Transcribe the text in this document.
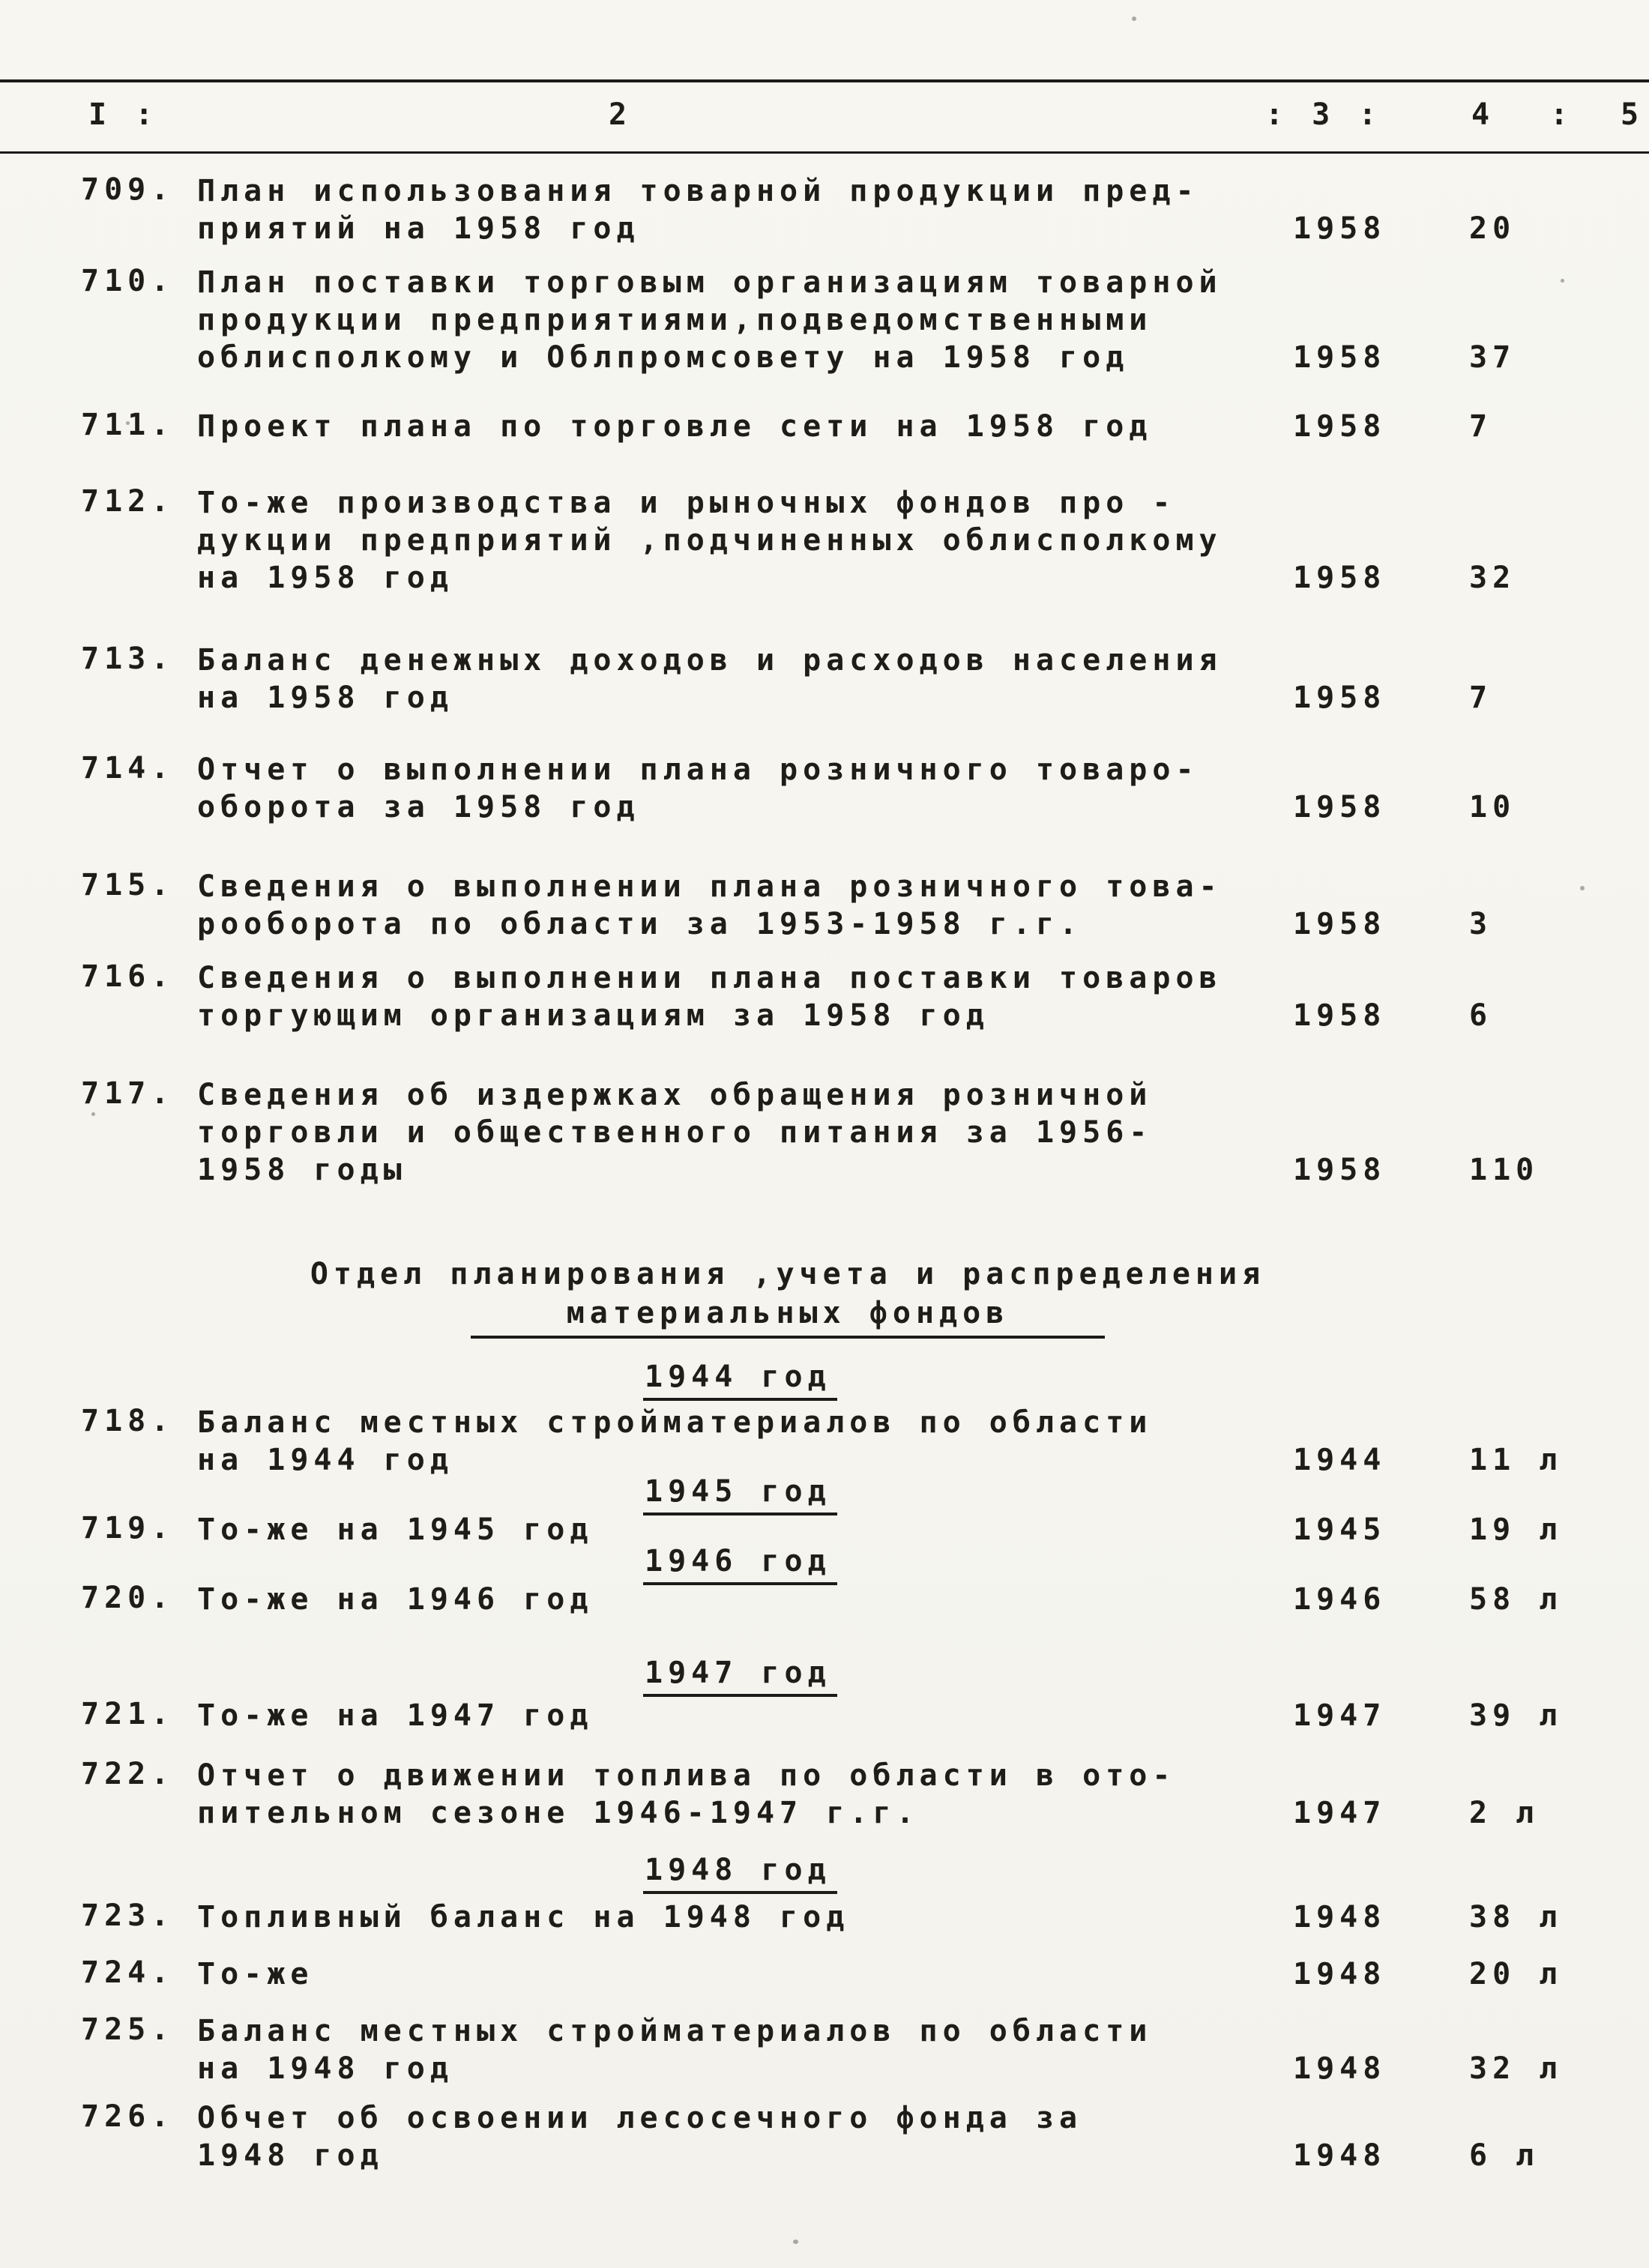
I :	2	: 3 :	4 : 5
709. План использования товарной продукции пред-
приятий на 1958 год	1958	20
710. План поставки торговым организациям товарной
продукции предприятиями,подведомственными
облисполкому и Облпромсовету на 1958 год	1958	37
711. Проект плана по торговле сети на 1958 год	1958	7
712. То-же производства и рыночных фондов про -
дукции предприятий ,подчиненных облисполкому
на 1958 год	1958	32
713. Баланс денежных доходов и расходов населения
на 1958 год	1958	7
714. Отчет о выполнении плана розничного товаро-
оборота за 1958 год	1958	10
715. Сведения о выполнении плана розничного това-
рооборота по области за 1953-1958 г.г.	1958	3
716. Сведения о выполнении плана поставки товаров
торгующим организациям за 1958 год	1958	6
717. Сведения об издержках обращения розничной
торговли и общественного питания за 1956-
1958 годы	1958	110
Отдел планирования ,учета и распределения
материальных фондов
1944 год
718. Баланс местных стройматериалов по области
на 1944 год	1944	11 л
1945 год
719. То-же на 1945 год	1945	19 л
1946 год
720. То-же на 1946 год	1946	58 л
1947 год
721. То-же на 1947 год	1947	39 л
722. Отчет о движении топлива по области в ото-
пительном сезоне 1946-1947 г.г.	1947	2 л
1948 год
723. Топливный баланс на 1948 год	1948	38 л
724. То-же	1948	20 л
725. Баланс местных стройматериалов по области
на 1948 год	1948	32 л
726. Обчет об освоении лесосечного фонда за
1948 год	1948	6 л
